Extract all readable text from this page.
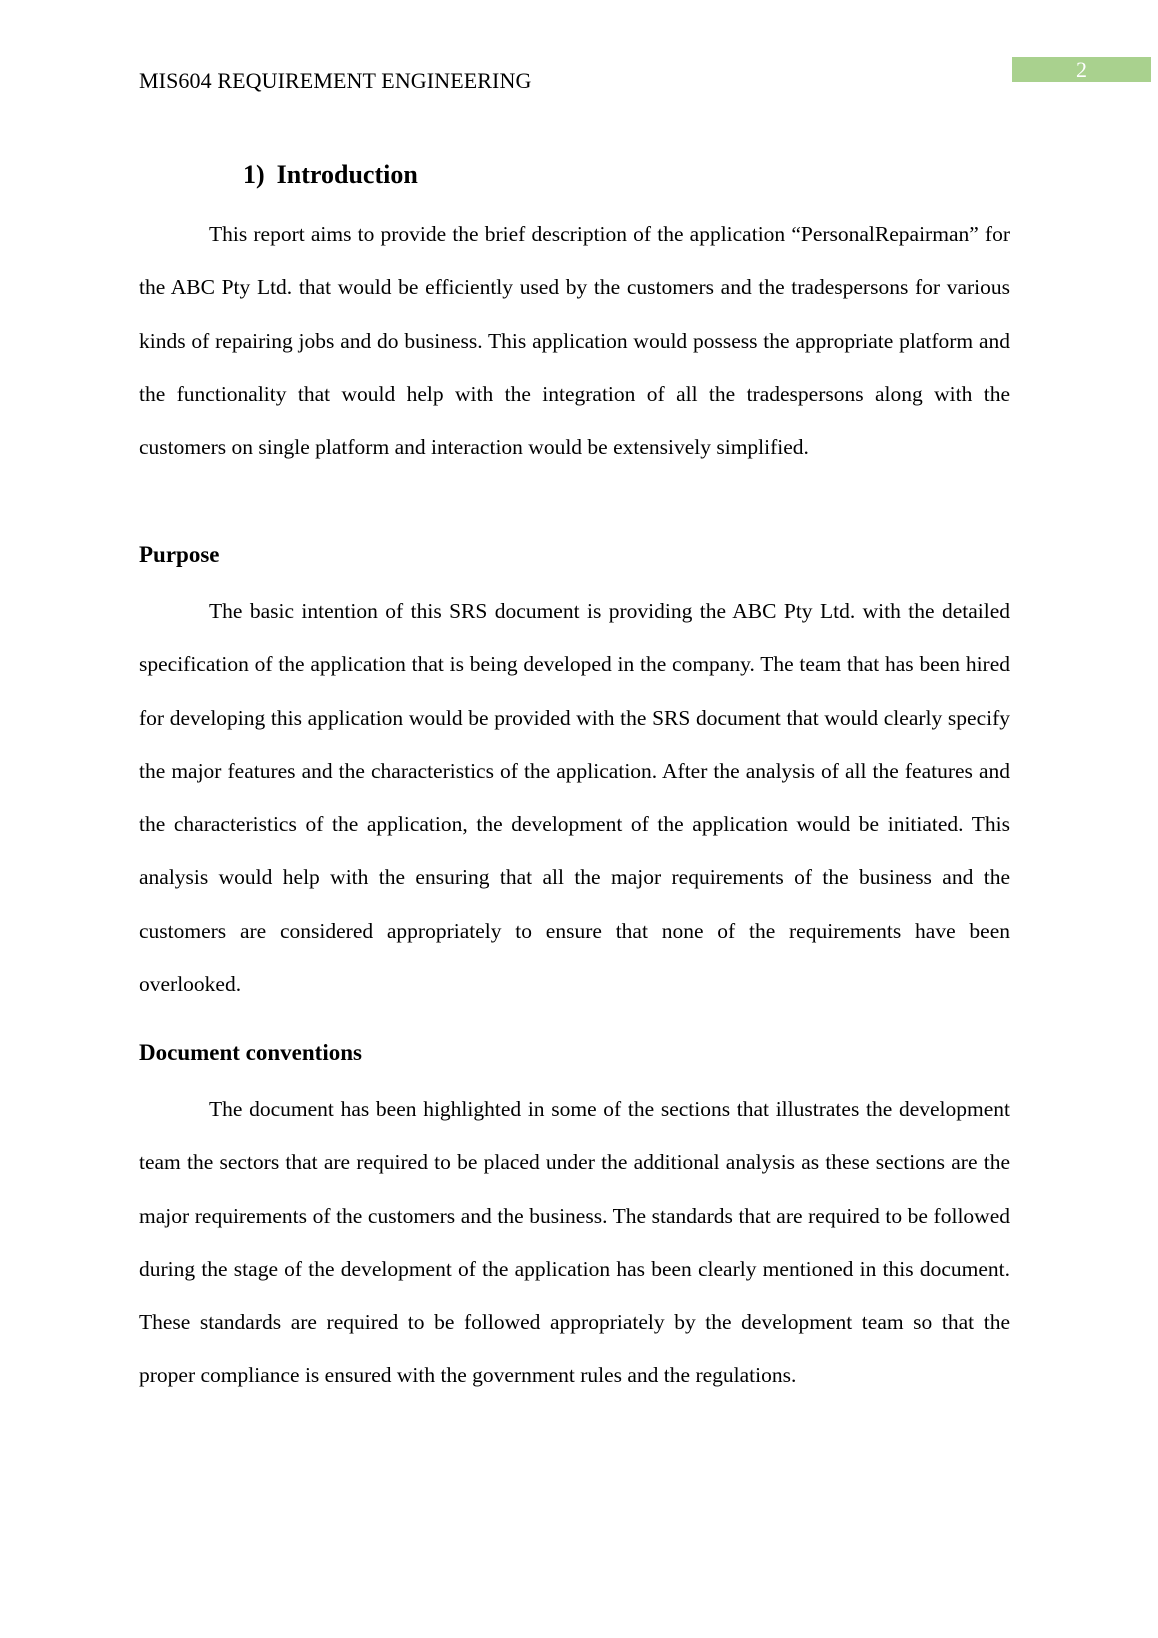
MIS604 REQUIREMENT ENGINEERING	2
1) Introduction

This report aims to provide the brief description of the application “PersonalRepairman” for the ABC Pty Ltd. that would be efficiently used by the customers and the tradespersons for various kinds of repairing jobs and do business. This application would possess the appropriate platform and the functionality that would help with the integration of all the tradespersons along with the customers on single platform and interaction would be extensively simplified.

Purpose

The basic intention of this SRS document is providing the ABC Pty Ltd. with the detailed specification of the application that is being developed in the company. The team that has been hired for developing this application would be provided with the SRS document that would clearly specify the major features and the characteristics of the application. After the analysis of all the features and the characteristics of the application, the development of the application would be initiated. This analysis would help with the ensuring that all the major requirements of the business and the customers are considered appropriately to ensure that none of the requirements have been overlooked.

Document conventions

The document has been highlighted in some of the sections that illustrates the development team the sectors that are required to be placed under the additional analysis as these sections are the major requirements of the customers and the business. The standards that are required to be followed during the stage of the development of the application has been clearly mentioned in this document. These standards are required to be followed appropriately by the development team so that the proper compliance is ensured with the government rules and the regulations.
